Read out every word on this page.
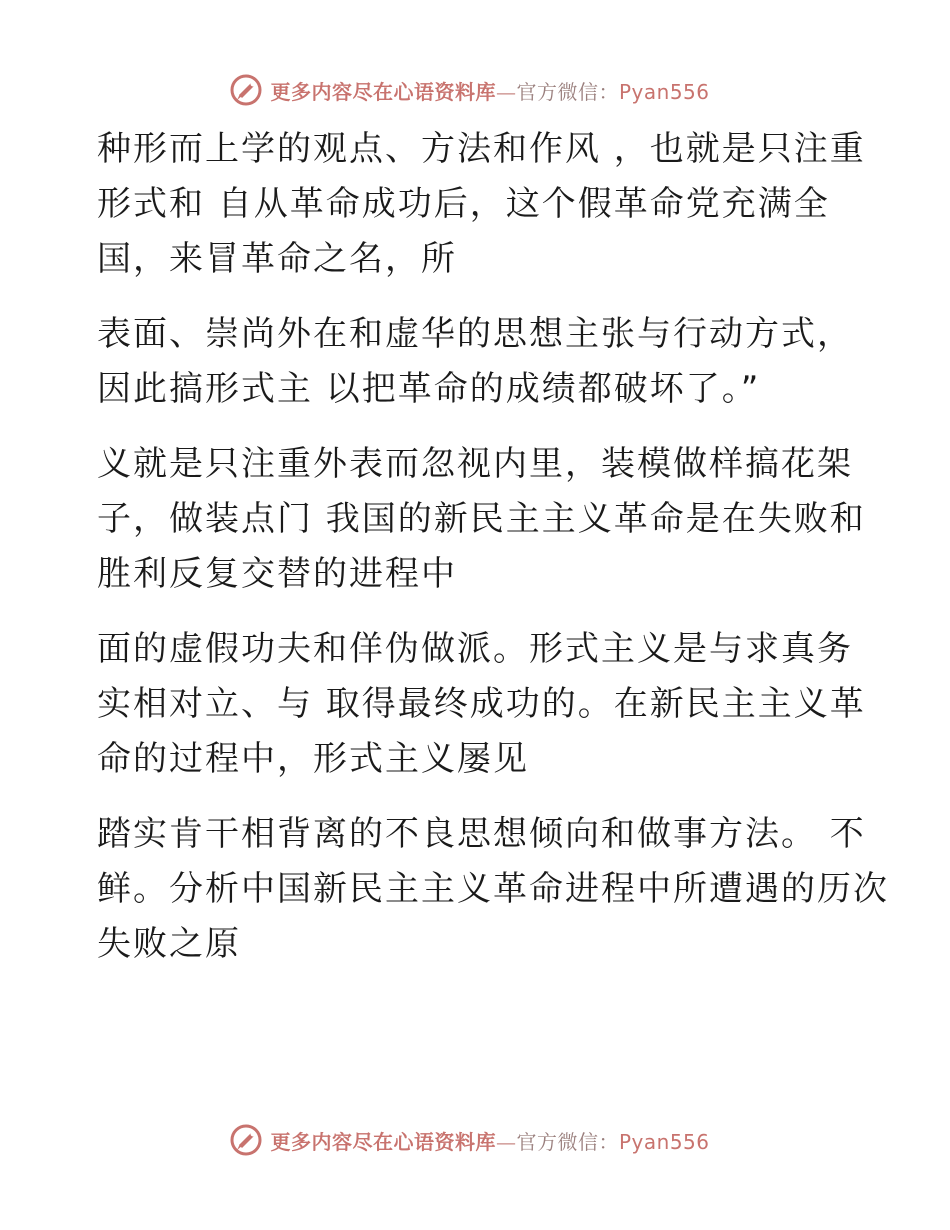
更多内容尽在心语资料库—官方微信：Pyan556
种形而上学的观点、方法和作风 ，也就是只注重
形式和 自从革命成功后，这个假革命党充满全
国，来冒革命之名，所
表面、崇尚外在和虚华的思想主张与行动方式，
因此搞形式主 以把革命的成绩都破坏了。”
义就是只注重外表而忽视内里，装模做样搞花架
子，做装点门 我国的新民主主义革命是在失败和
胜利反复交替的进程中
面的虚假功夫和佯伪做派。形式主义是与求真务
实相对立、与 取得最终成功的。在新民主主义革
命的过程中，形式主义屡见
踏实肯干相背离的不良思想倾向和做事方法。 不
鲜。分析中国新民主主义革命进程中所遭遇的历次
失败之原
更多内容尽在心语资料库—官方微信：Pyan556
